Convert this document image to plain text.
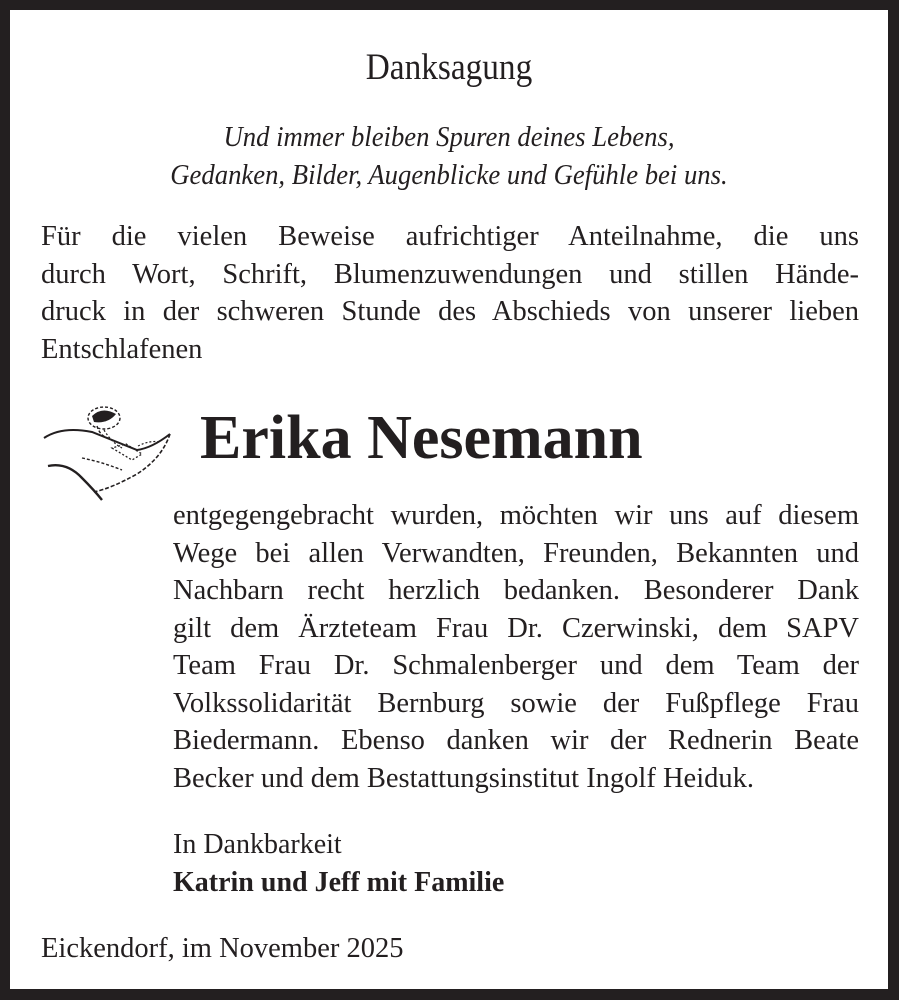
Danksagung
Und immer bleiben Spuren deines Lebens,
Gedanken, Bilder, Augenblicke und Gefühle bei uns.
Für die vielen Beweise aufrichtiger Anteilnahme, die uns
durch Wort, Schrift, Blumenzuwendungen und stillen Hände-
druck in der schweren Stunde des Abschieds von unserer lieben
Entschlafenen
Erika Nesemann
entgegengebracht wurden, möchten wir uns auf diesem
Wege bei allen Verwandten, Freunden, Bekannten und
Nachbarn recht herzlich bedanken. Besonderer Dank
gilt dem Ärzteteam Frau Dr. Czerwinski, dem SAPV
Team Frau Dr. Schmalenberger und dem Team der
Volkssolidarität Bernburg sowie der Fußpflege Frau
Biedermann. Ebenso danken wir der Rednerin Beate
Becker und dem Bestattungsinstitut Ingolf Heiduk.
In Dankbarkeit
Katrin und Jeff mit Familie
Eickendorf, im November 2025
